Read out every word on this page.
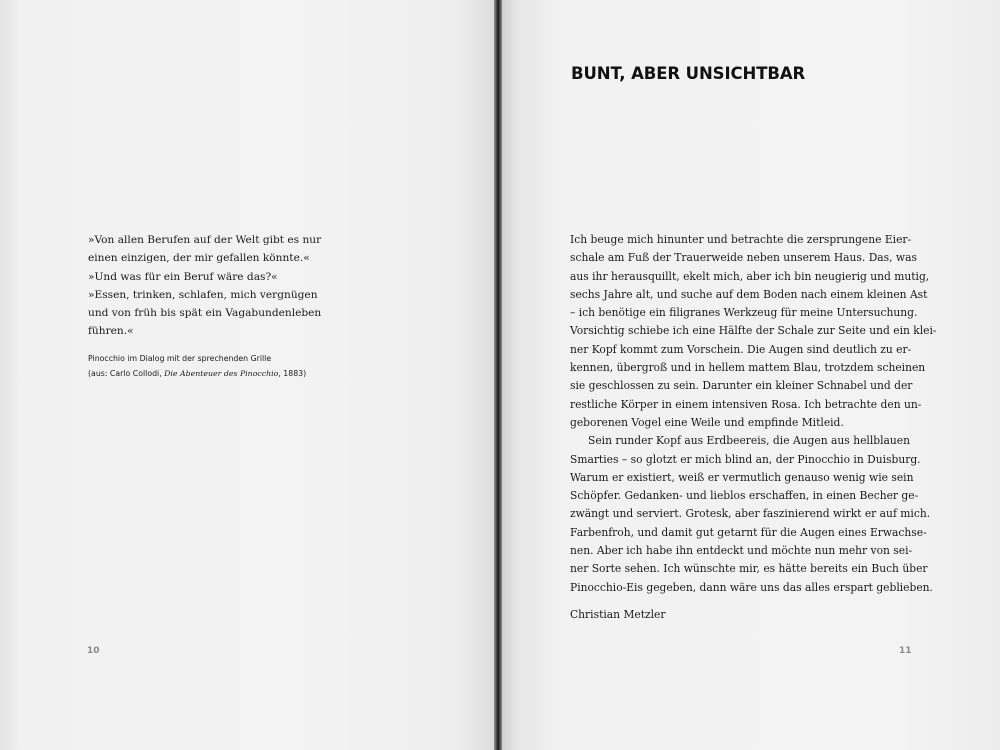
»Von allen Berufen auf der Welt gibt es nur
einen einzigen, der mir gefallen könnte.«
»Und was für ein Beruf wäre das?«
»Essen, trinken, schlafen, mich vergnügen
und von früh bis spät ein Vagabundenleben
führen.«
Pinocchio im Dialog mit der sprechenden Grille
(aus: Carlo Collodi, Die Abenteuer des Pinocchio, 1883)
10
BUNT, ABER UNSICHTBAR
Ich beuge mich hinunter und betrachte die zersprungene Eier-
schale am Fuß der Trauerweide neben unserem Haus. Das, was
aus ihr herausquillt, ekelt mich, aber ich bin neugierig und mutig,
sechs Jahre alt, und suche auf dem Boden nach einem kleinen Ast
– ich benötige ein filigranes Werkzeug für meine Untersuchung.
Vorsichtig schiebe ich eine Hälfte der Schale zur Seite und ein klei-
ner Kopf kommt zum Vorschein. Die Augen sind deutlich zu er-
kennen, übergroß und in hellem mattem Blau, trotzdem scheinen
sie geschlossen zu sein. Darunter ein kleiner Schnabel und der
restliche Körper in einem intensiven Rosa. Ich betrachte den un-
geborenen Vogel eine Weile und empfinde Mitleid.
Sein runder Kopf aus Erdbeereis, die Augen aus hellblauen
Smarties – so glotzt er mich blind an, der Pinocchio in Duisburg.
Warum er existiert, weiß er vermutlich genauso wenig wie sein
Schöpfer. Gedanken- und lieblos erschaffen, in einen Becher ge-
zwängt und serviert. Grotesk, aber faszinierend wirkt er auf mich.
Farbenfroh, und damit gut getarnt für die Augen eines Erwachse-
nen. Aber ich habe ihn entdeckt und möchte nun mehr von sei-
ner Sorte sehen. Ich wünschte mir, es hätte bereits ein Buch über
Pinocchio-Eis gegeben, dann wäre uns das alles erspart geblieben.
Christian Metzler
11
